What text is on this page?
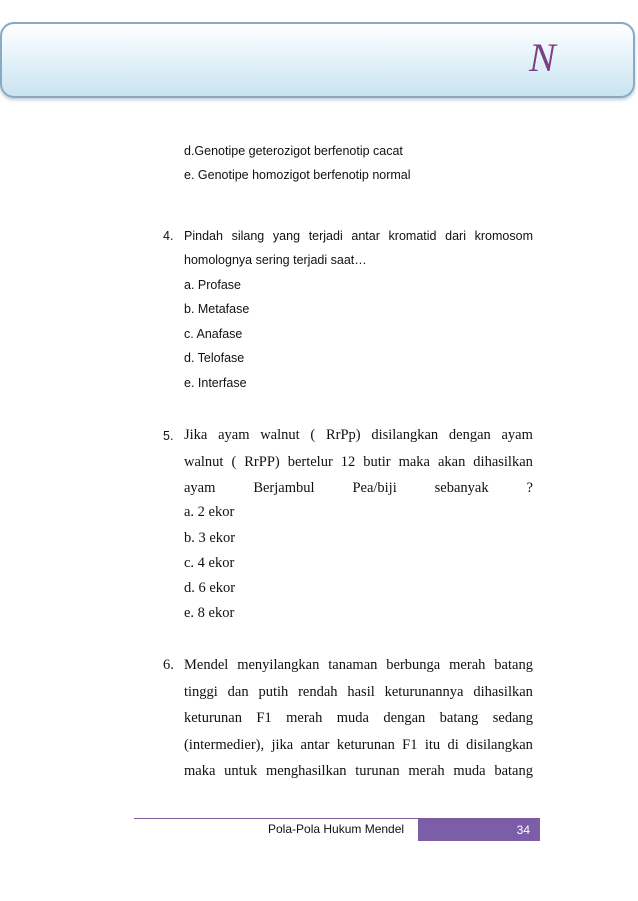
N
d.Genotipe geterozigot berfenotip cacat
e. Genotipe homozigot berfenotip normal
4. Pindah silang yang terjadi antar kromatid dari kromosom
homolognya sering terjadi saat…
a. Profase
b. Metafase
c. Anafase
d. Telofase
e. Interfase
5. Jika ayam walnut ( RrPp) disilangkan dengan ayam
walnut ( RrPP) bertelur 12 butir maka akan dihasilkan
ayam	Berjambul	Pea/biji	sebanyak	?
a. 2 ekor
b. 3 ekor
c. 4 ekor
d. 6 ekor
e. 8 ekor
6. Mendel menyilangkan tanaman berbunga merah batang
tinggi dan putih rendah hasil keturunannya dihasilkan
keturunan F1 merah muda dengan batang sedang
(intermedier), jika antar keturunan F1 itu di disilangkan
maka untuk menghasilkan turunan merah muda batang
Pola-Pola Hukum Mendel	34
